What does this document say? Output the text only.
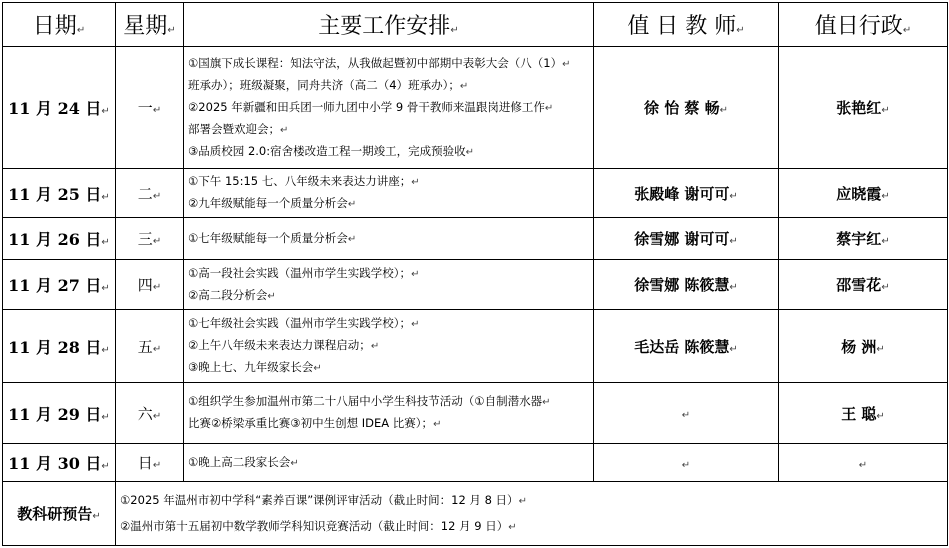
日期↵	星期↵	主要工作安排↵	值 日 教 师↵	值日行政↵
11 月 24 日↵	一↵	①国旗下成长课程：知法守法，从我做起暨初中部期中表彰大会（八（1）↵
班承办）；班级凝聚，同舟共济（高二（4）班承办）；↵
②2025 年新疆和田兵团一师九团中小学 9 骨干教师来温跟岗进修工作↵
部署会暨欢迎会；↵
③品质校园 2.0:宿舍楼改造工程一期竣工，完成预验收↵	徐 怡 蔡 畅↵	张艳红↵
11 月 25 日↵	二↵	①下午 15:15 七、八年级未来表达力讲座；↵
②九年级赋能每一个质量分析会↵	张殿峰 谢可可↵	应晓霞↵
11 月 26 日↵	三↵	①七年级赋能每一个质量分析会↵	徐雪娜 谢可可↵	蔡宇红↵
11 月 27 日↵	四↵	①高一段社会实践（温州市学生实践学校）；↵
②高二段分析会↵	徐雪娜 陈筱慧↵	邵雪花↵
11 月 28 日↵	五↵	①七年级社会实践（温州市学生实践学校）；↵
②上午八年级未来表达力课程启动；↵
③晚上七、九年级家长会↵	毛达岳 陈筱慧↵	杨 洲↵
11 月 29 日↵	六↵	①组织学生参加温州市第二十八届中小学生科技节活动（①自制潜水器↵
比赛②桥梁承重比赛③初中生创想 IDEA 比赛）；↵	↵	王 聪↵
11 月 30 日↵	日↵	①晚上高二段家长会↵	↵	↵
教科研预告↵	①2025 年温州市初中学科“素养百课”课例评审活动（截止时间：12 月 8 日）↵
②温州市第十五届初中数学教师学科知识竞赛活动（截止时间：12 月 9 日）↵			
